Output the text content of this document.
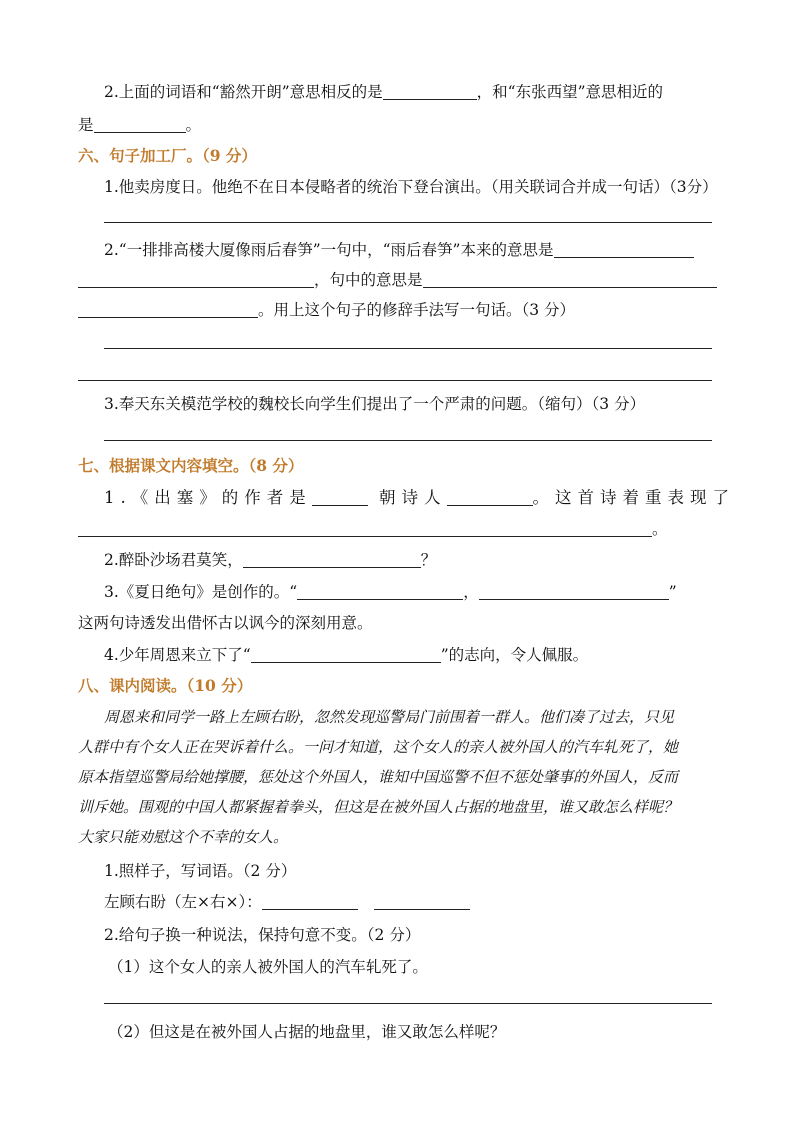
2.上面的词语和“豁然开朗”意思相反的是	，和“东张西望”意思相近的
是	。
六、句子加工厂。（9 分）
1.他卖房度日。他绝不在日本侵略者的统治下登台演出。（用关联词合并成一句话）（3分）
2.“一排排高楼大厦像雨后春笋”一句中，“雨后春笋”本来的意思是
，句中的意思是
。用上这个句子的修辞手法写一句话。（3 分）
3.奉天东关模范学校的魏校长向学生们提出了一个严肃的问题。（缩句）（3 分）
七、根据课文内容填空。（8 分）
1.《出塞》的作者是	朝诗人	。这首诗着重表现了
。
2.醉卧沙场君莫笑，	？
3.《夏日绝句》是创作的。“	，	”
这两句诗透发出借怀古以讽今的深刻用意。
4.少年周恩来立下了“	”的志向，令人佩服。
八、课内阅读。（10 分）
周恩来和同学一路上左顾右盼，忽然发现巡警局门前围着一群人。他们凑了过去，只见
人群中有个女人正在哭诉着什么。一问才知道，这个女人的亲人被外国人的汽车轧死了，她
原本指望巡警局给她撑腰，惩处这个外国人，谁知中国巡警不但不惩处肇事的外国人，反而
训斥她。围观的中国人都紧握着拳头，但这是在被外国人占据的地盘里，谁又敢怎么样呢？
大家只能劝慰这个不幸的女人。
1.照样子，写词语。（2 分）
左顾右盼（左×右×）：
2.给句子换一种说法，保持句意不变。（2 分）
（1）这个女人的亲人被外国人的汽车轧死了。
（2）但这是在被外国人占据的地盘里，谁又敢怎么样呢？
